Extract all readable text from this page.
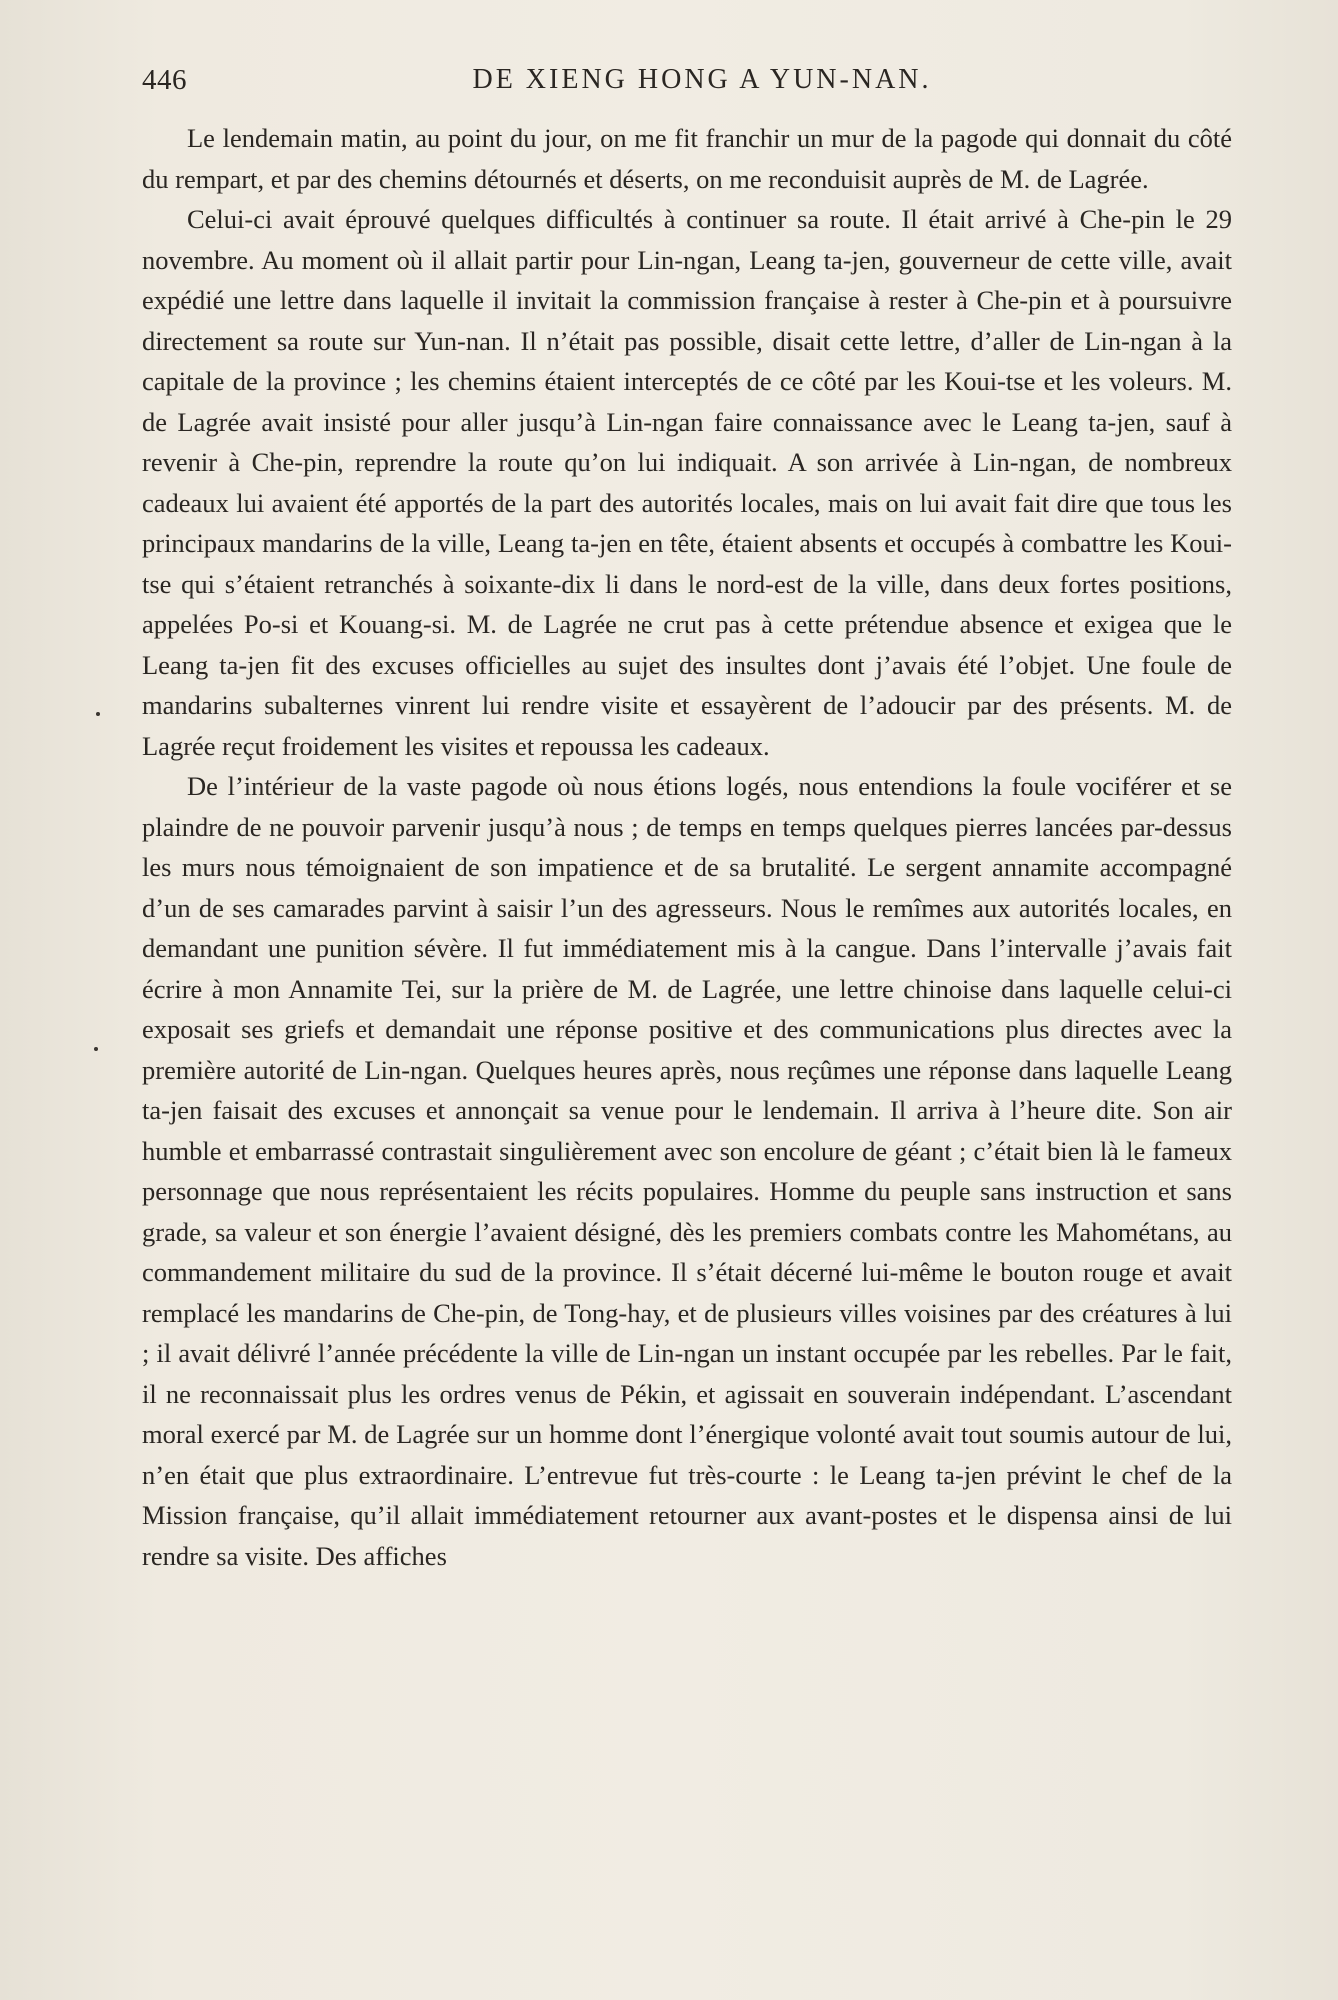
446	DE XIENG HONG A YUN-NAN.

Le lendemain matin, au point du jour, on me fit franchir un mur de la pagode qui donnait du côté du rempart, et par des chemins détournés et déserts, on me reconduisit auprès de M. de Lagrée.

Celui-ci avait éprouvé quelques difficultés à continuer sa route. Il était arrivé à Che-pin le 29 novembre. Au moment où il allait partir pour Lin-ngan, Leang ta-jen, gouverneur de cette ville, avait expédié une lettre dans laquelle il invitait la commission française à rester à Che-pin et à poursuivre directement sa route sur Yun-nan. Il n’était pas possible, disait cette lettre, d’aller de Lin-ngan à la capitale de la province ; les chemins étaient interceptés de ce côté par les Koui-tse et les voleurs. M. de Lagrée avait insisté pour aller jusqu’à Lin-ngan faire connaissance avec le Leang ta-jen, sauf à revenir à Che-pin, reprendre la route qu’on lui indiquait. A son arrivée à Lin-ngan, de nombreux cadeaux lui avaient été apportés de la part des autorités locales, mais on lui avait fait dire que tous les principaux mandarins de la ville, Leang ta-jen en tête, étaient absents et occupés à combattre les Koui-tse qui s’étaient retranchés à soixante-dix li dans le nord-est de la ville, dans deux fortes positions, appelées Po-si et Kouang-si. M. de Lagrée ne crut pas à cette prétendue absence et exigea que le Leang ta-jen fit des excuses officielles au sujet des insultes dont j’avais été l’objet. Une foule de mandarins subalternes vinrent lui rendre visite et essayèrent de l’adoucir par des présents. M. de Lagrée reçut froidement les visites et repoussa les cadeaux.

De l’intérieur de la vaste pagode où nous étions logés, nous entendions la foule vociférer et se plaindre de ne pouvoir parvenir jusqu’à nous ; de temps en temps quelques pierres lancées par-dessus les murs nous témoignaient de son impatience et de sa brutalité. Le sergent annamite accompagné d’un de ses camarades parvint à saisir l’un des agresseurs. Nous le remîmes aux autorités locales, en demandant une punition sévère. Il fut immédiatement mis à la cangue. Dans l’intervalle j’avais fait écrire à mon Annamite Tei, sur la prière de M. de Lagrée, une lettre chinoise dans laquelle celui-ci exposait ses griefs et demandait une réponse positive et des communications plus directes avec la première autorité de Lin-ngan. Quelques heures après, nous reçûmes une réponse dans laquelle Leang ta-jen faisait des excuses et annonçait sa venue pour le lendemain. Il arriva à l’heure dite. Son air humble et embarrassé contrastait singulièrement avec son encolure de géant ; c’était bien là le fameux personnage que nous représentaient les récits populaires. Homme du peuple sans instruction et sans grade, sa valeur et son énergie l’avaient désigné, dès les premiers combats contre les Mahométans, au commandement militaire du sud de la province. Il s’était décerné lui-même le bouton rouge et avait remplacé les mandarins de Che-pin, de Tong-hay, et de plusieurs villes voisines par des créatures à lui ; il avait délivré l’année précédente la ville de Lin-ngan un instant occupée par les rebelles. Par le fait, il ne reconnaissait plus les ordres venus de Pékin, et agissait en souverain indépendant. L’ascendant moral exercé par M. de Lagrée sur un homme dont l’énergique volonté avait tout soumis autour de lui, n’en était que plus extraordinaire. L’entrevue fut très-courte : le Leang ta-jen prévint le chef de la Mission française, qu’il allait immédiatement retourner aux avant-postes et le dispensa ainsi de lui rendre sa visite. Des affiches
